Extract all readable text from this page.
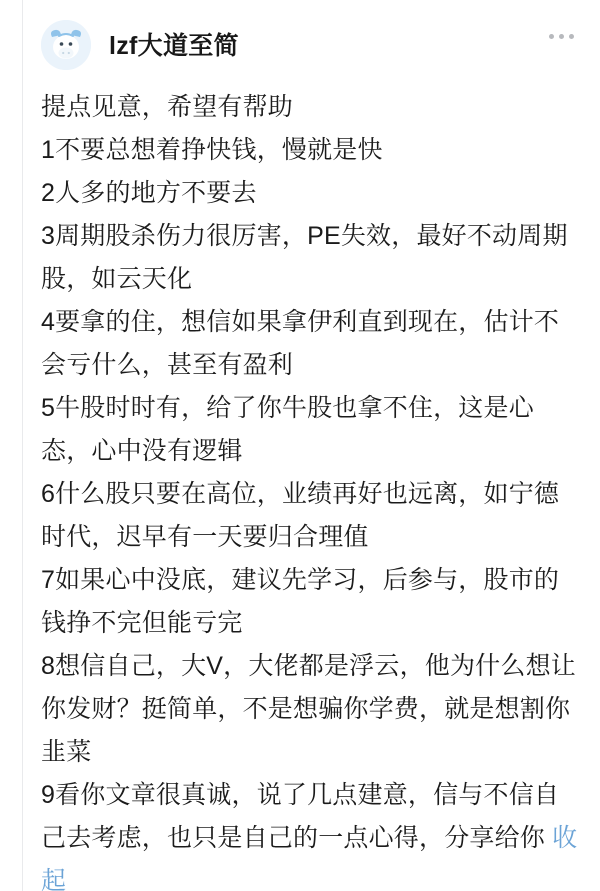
lzf大道至简
提点见意，希望有帮助
1不要总想着挣快钱，慢就是快
2人多的地方不要去
3周期股杀伤力很厉害，PE失效，最好不动周期股，如云天化
4要拿的住，想信如果拿伊利直到现在，估计不会亏什么，甚至有盈利
5牛股时时有，给了你牛股也拿不住，这是心态，心中没有逻辑
6什么股只要在高位，业绩再好也远离，如宁德时代，迟早有一天要归合理值
7如果心中没底，建议先学习，后参与，股市的钱挣不完但能亏完
8想信自己，大V，大佬都是浮云，他为什么想让你发财？挺简单，不是想骗你学费，就是想割你韭菜
9看你文章很真诚，说了几点建意，信与不信自己去考虑，也只是自己的一点心得，分享给你 收起
